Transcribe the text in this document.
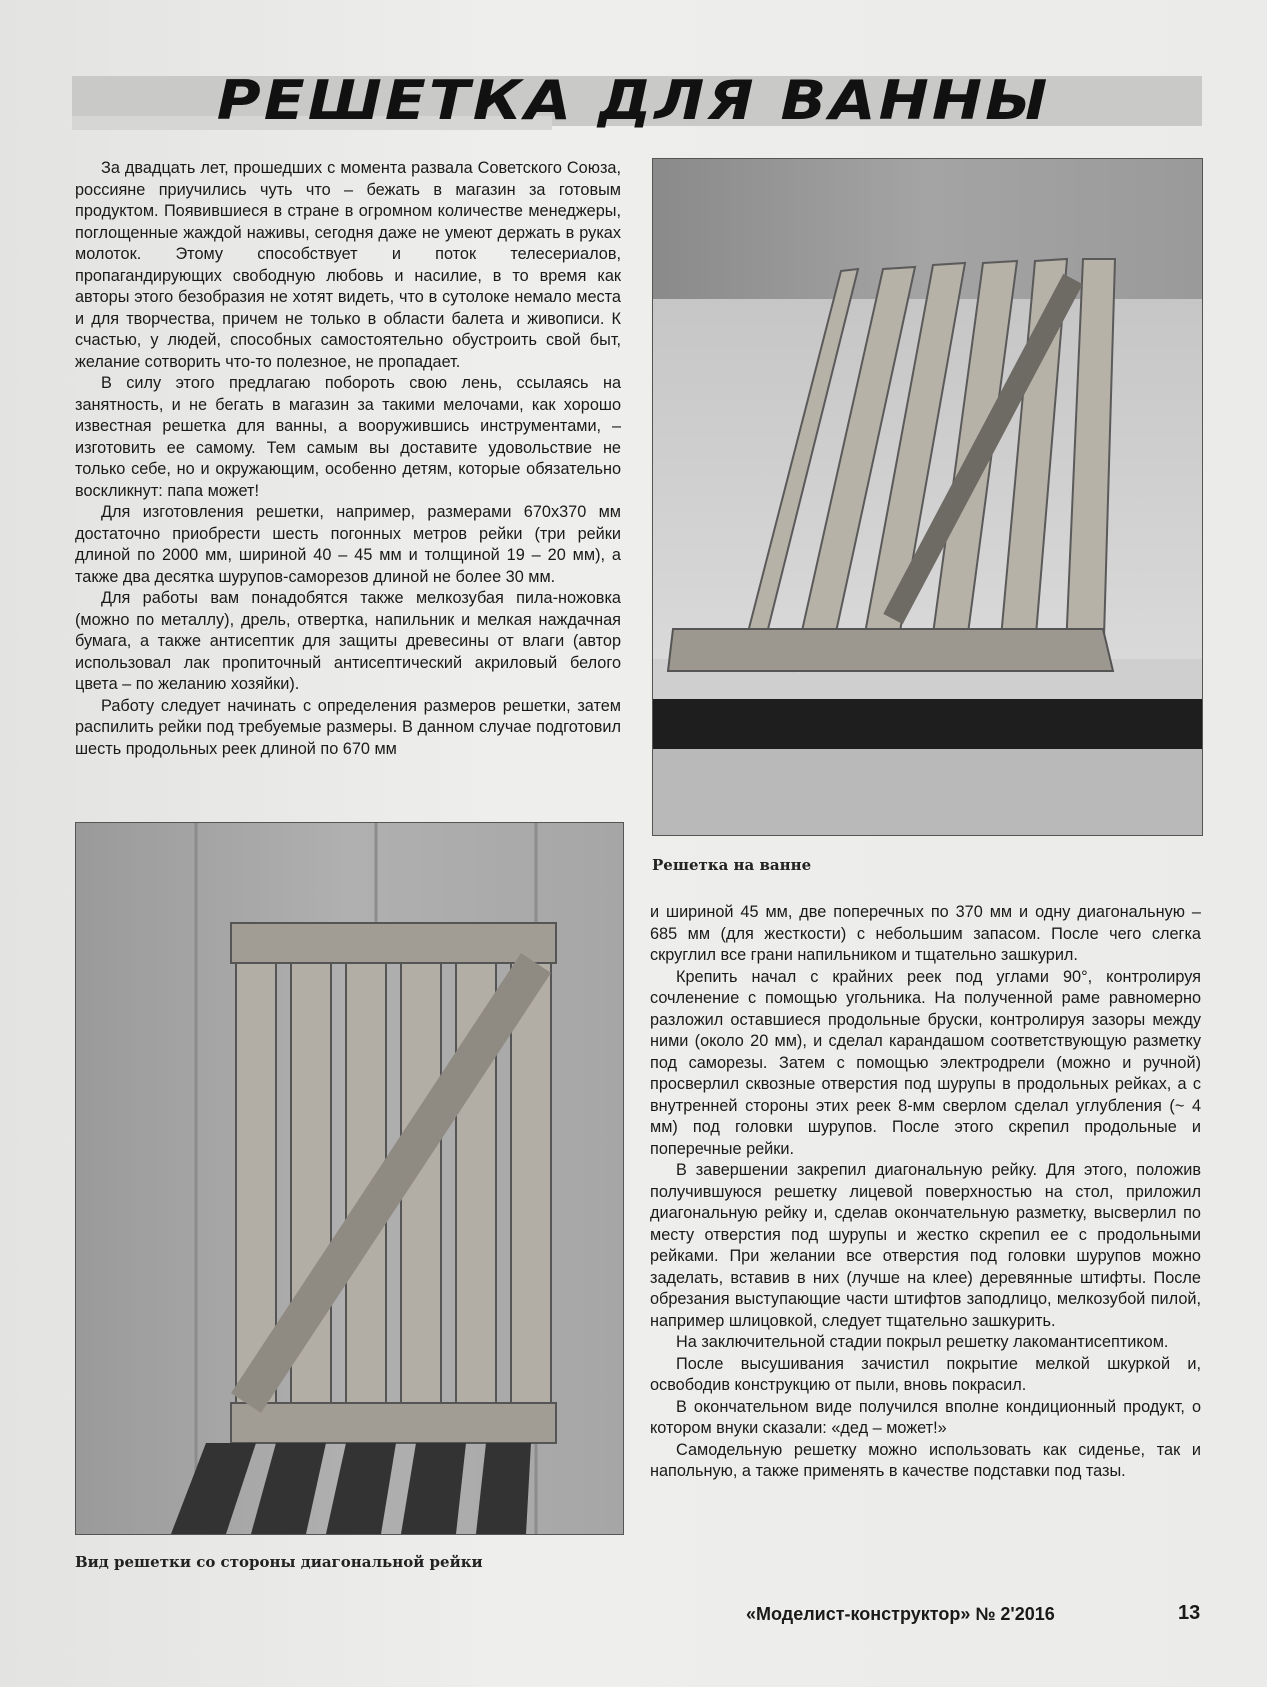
РЕШЕТКА ДЛЯ ВАННЫ

За двадцать лет, прошедших с момента развала Советского Союза, россияне приучились чуть что – бежать в магазин за готовым продуктом. Появившиеся в стране в огромном количестве менеджеры, поглощенные жаждой наживы, сегодня даже не умеют держать в руках молоток. Этому способствует и поток телесериалов, пропагандирующих свободную любовь и насилие, в то время как авторы этого безобразия не хотят видеть, что в сутолоке немало места и для творчества, причем не только в области балета и живописи. К счастью, у людей, способных самостоятельно обустроить свой быт, желание сотворить что-то полезное, не пропадает.

В силу этого предлагаю побороть свою лень, ссылаясь на занятность, и не бегать в магазин за такими мелочами, как хорошо известная решетка для ванны, а вооружившись инструментами, – изготовить ее самому. Тем самым вы доставите удовольствие не только себе, но и окружающим, особенно детям, которые обязательно воскликнут: папа может!

Для изготовления решетки, например, размерами 670х370 мм достаточно приобрести шесть погонных метров рейки (три рейки длиной по 2000 мм, шириной 40 – 45 мм и толщиной 19 – 20 мм), а также два десятка шурупов-саморезов длиной не более 30 мм.

Для работы вам понадобятся также мелкозубая пила-ножовка (можно по металлу), дрель, отвертка, напильник и мелкая наждачная бумага, а также антисептик для защиты древесины от влаги (автор использовал лак пропиточный антисептический акриловый белого цвета – по желанию хозяйки).

Работу следует начинать с определения размеров решетки, затем распилить рейки под требуемые размеры. В данном случае подготовил шесть продольных реек длиной по 670 мм

Решетка на ванне
Вид решетки со стороны диагональной рейки

и шириной 45 мм, две поперечных по 370 мм и одну диагональную – 685 мм (для жесткости) с небольшим запасом. После чего слегка скруглил все грани напильником и тщательно зашкурил.

Крепить начал с крайних реек под углами 90°, контролируя сочленение с помощью угольника. На полученной раме равномерно разложил оставшиеся продольные бруски, контролируя зазоры между ними (около 20 мм), и сделал карандашом соответствующую разметку под саморезы. Затем с помощью электродрели (можно и ручной) просверлил сквозные отверстия под шурупы в продольных рейках, а с внутренней стороны этих реек 8-мм сверлом сделал углубления (~ 4 мм) под головки шурупов. После этого скрепил продольные и поперечные рейки.

В завершении закрепил диагональную рейку. Для этого, положив получившуюся решетку лицевой поверхностью на стол, приложил диагональную рейку и, сделав окончательную разметку, высверлил по месту отверстия под шурупы и жестко скрепил ее с продольными рейками. При желании все отверстия под головки шурупов можно заделать, вставив в них (лучше на клее) деревянные штифты. После обрезания выступающие части штифтов заподлицо, мелкозубой пилой, например шлицовкой, следует тщательно зашкурить.

На заключительной стадии покрыл решетку лакомантисептиком.

После высушивания зачистил покрытие мелкой шкуркой и, освободив конструкцию от пыли, вновь покрасил.

В окончательном виде получился вполне кондиционный продукт, о котором внуки сказали: «дед – может!»

Самодельную решетку можно использовать как сиденье, так и напольную, а также применять в качестве подставки под тазы.

«Моделист-конструктор» № 2'2016	13
